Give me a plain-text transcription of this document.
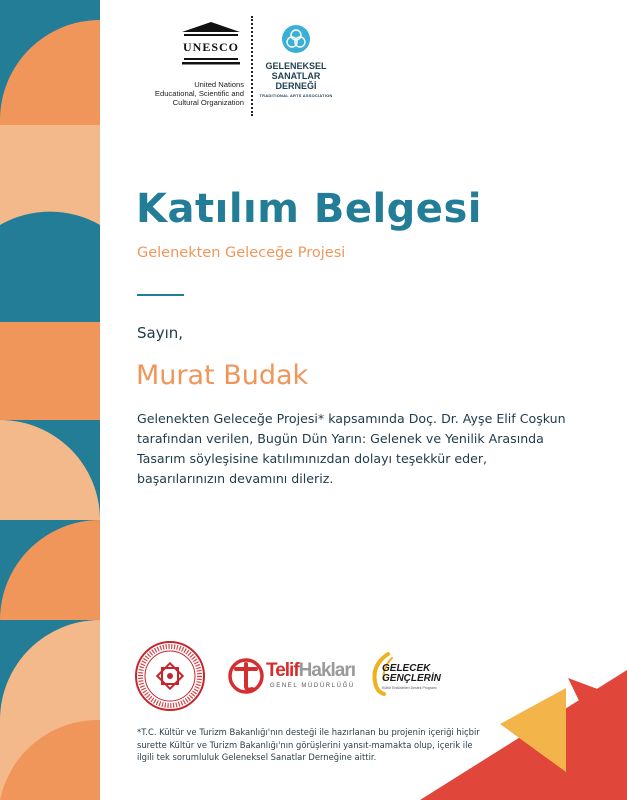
UNESCO
United Nations
Educational, Scientific and
Cultural Organization
GELENEKSEL
SANATLAR
DERNEĞİ
TRADITIONAL ARTS ASSOCIATION
Katılım Belgesi
Gelenekten Geleceğe Projesi
Sayın,
Murat Budak
Gelenekten Geleceğe Projesi* kapsamında Doç. Dr. Ayşe Elif Coşkun tarafından verilen, Bugün Dün Yarın: Gelenek ve Yenilik Arasında Tasarım söyleşisine katılımınızdan dolayı teşekkür eder, başarılarınızın devamını dileriz.
TelifHakları
GENEL MÜDÜRLÜĞÜ
GELECEK
GENÇLERİN
Kültür Endüstrileri Destek Programı
*T.C. Kültür ve Turizm Bakanlığı'nın desteği ile hazırlanan bu projenin içeriği hiçbir surette Kültür ve Turizm Bakanlığı'nın görüşlerini yansıt-mamakta olup, içerik ile ilgili tek sorumluluk Geleneksel Sanatlar Derneğine aittir.
